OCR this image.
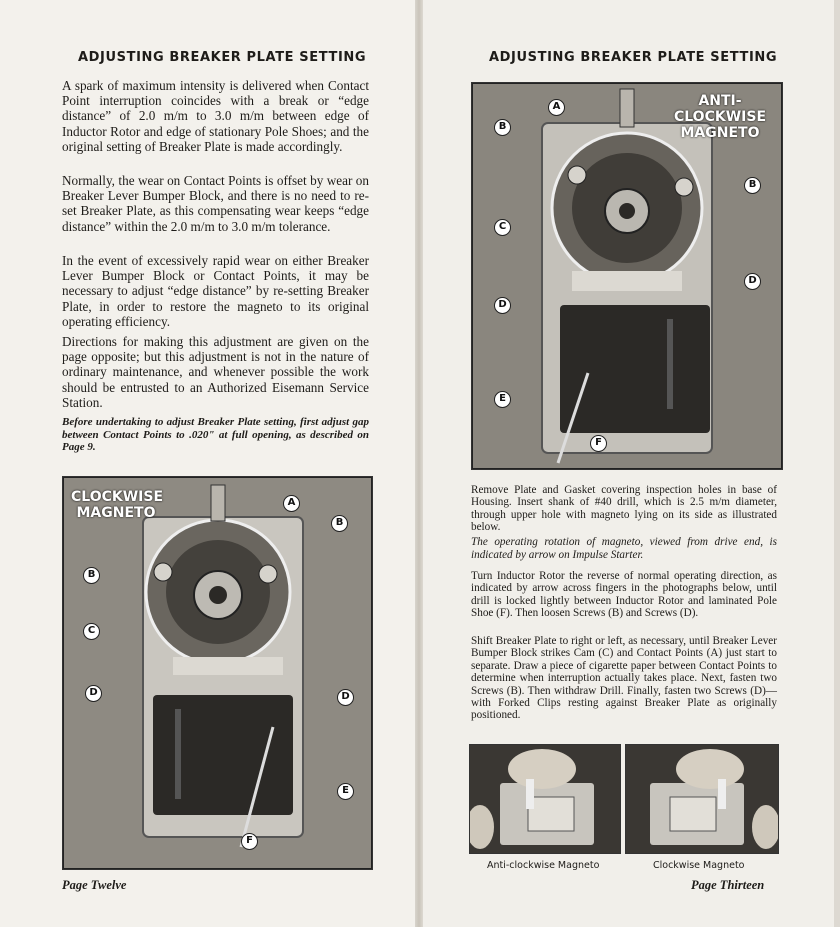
ADJUSTING BREAKER PLATE SETTING

A spark of maximum intensity is delivered when Contact Point interruption coincides with a break or “edge distance” of 2.0 m/m to 3.0 m/m between edge of Inductor Rotor and edge of stationary Pole Shoes; and the original setting of Breaker Plate is made accordingly.

Normally, the wear on Contact Points is offset by wear on Breaker Lever Bumper Block, and there is no need to re-set Breaker Plate, as this compensating wear keeps “edge distance” within the 2.0 m/m to 3.0 m/m tolerance.

In the event of excessively rapid wear on either Breaker Lever Bumper Block or Contact Points, it may be necessary to adjust “edge distance” by re-setting Breaker Plate, in order to restore the magneto to its original operating efficiency.

Directions for making this adjustment are given on the page opposite; but this adjustment is not in the nature of ordinary maintenance, and whenever possible the work should be entrusted to an Authorized Eisemann Service Station.

Before undertaking to adjust Breaker Plate setting, first adjust gap between Contact Points to .020" at full opening, as described on Page 9.

CLOCKWISE
MAGNETO
A
B
B
C
D	D
E
F
Page Twelve
ADJUSTING BREAKER PLATE SETTING
ANTI-CLOCKWISE
MAGNETO
A
B
B
C
D
D
E
F

Remove Plate and Gasket covering inspection holes in base of Housing. Insert shank of #40 drill, which is 2.5 m/m diameter, through upper hole with magneto lying on its side as illustrated below.

The operating rotation of magneto, viewed from drive end, is indicated by arrow on Impulse Starter.

Turn Inductor Rotor the reverse of normal operating direction, as indicated by arrow across fingers in the photographs below, until drill is locked lightly between Inductor Rotor and laminated Pole Shoe (F). Then loosen Screws (B) and Screws (D).

Shift Breaker Plate to right or left, as necessary, until Breaker Lever Bumper Block strikes Cam (C) and Contact Points (A) just start to separate. Draw a piece of cigarette paper between Contact Points to determine when interruption actually takes place. Next, fasten two Screws (B). Then withdraw Drill. Finally, fasten two Screws (D)—with Forked Clips resting against Breaker Plate as originally positioned.

Anti-clockwise Magneto	Clockwise Magneto
Page Thirteen
